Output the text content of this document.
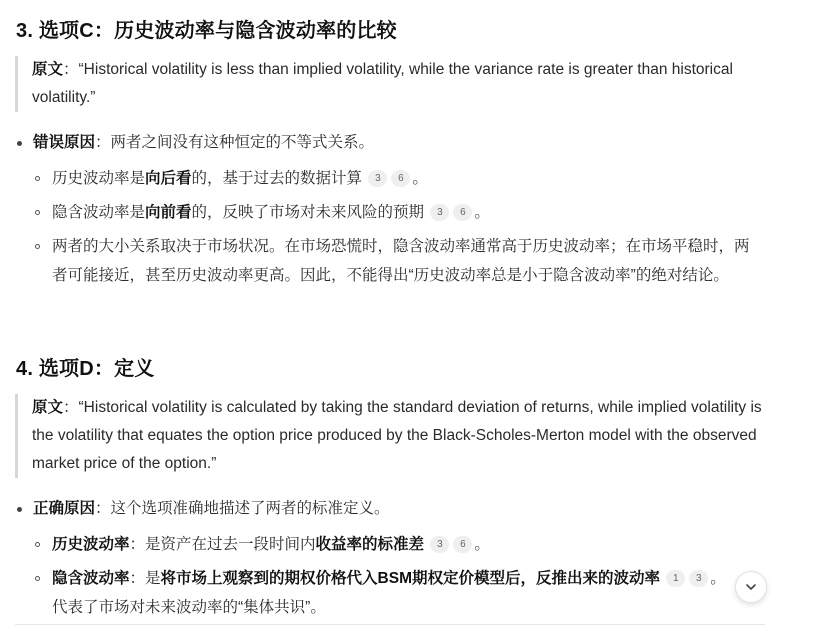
3. 选项C：历史波动率与隐含波动率的比较
原文：“Historical volatility is less than implied volatility, while the variance rate is greater than historical volatility.”
错误原因：两者之间没有这种恒定的不等式关系。
历史波动率是向后看的，基于过去的数据计算 3 6 。
隐含波动率是向前看的，反映了市场对未来风险的预期 3 6 。
两者的大小关系取决于市场状况。在市场恐慌时，隐含波动率通常高于历史波动率；在市场平稳时，两者可能接近，甚至历史波动率更高。因此，不能得出“历史波动率总是小于隐含波动率”的绝对结论。
4. 选项D：定义
原文：“Historical volatility is calculated by taking the standard deviation of returns, while implied volatility is the volatility that equates the option price produced by the Black-Scholes-Merton model with the observed market price of the option.”
正确原因：这个选项准确地描述了两者的标准定义。
历史波动率：是资产在过去一段时间内收益率的标准差 3 6 。
隐含波动率：是将市场上观察到的期权价格代入BSM期权定价模型后，反推出来的波动率 1 3 。
代表了市场对未来波动率的“集体共识”。
